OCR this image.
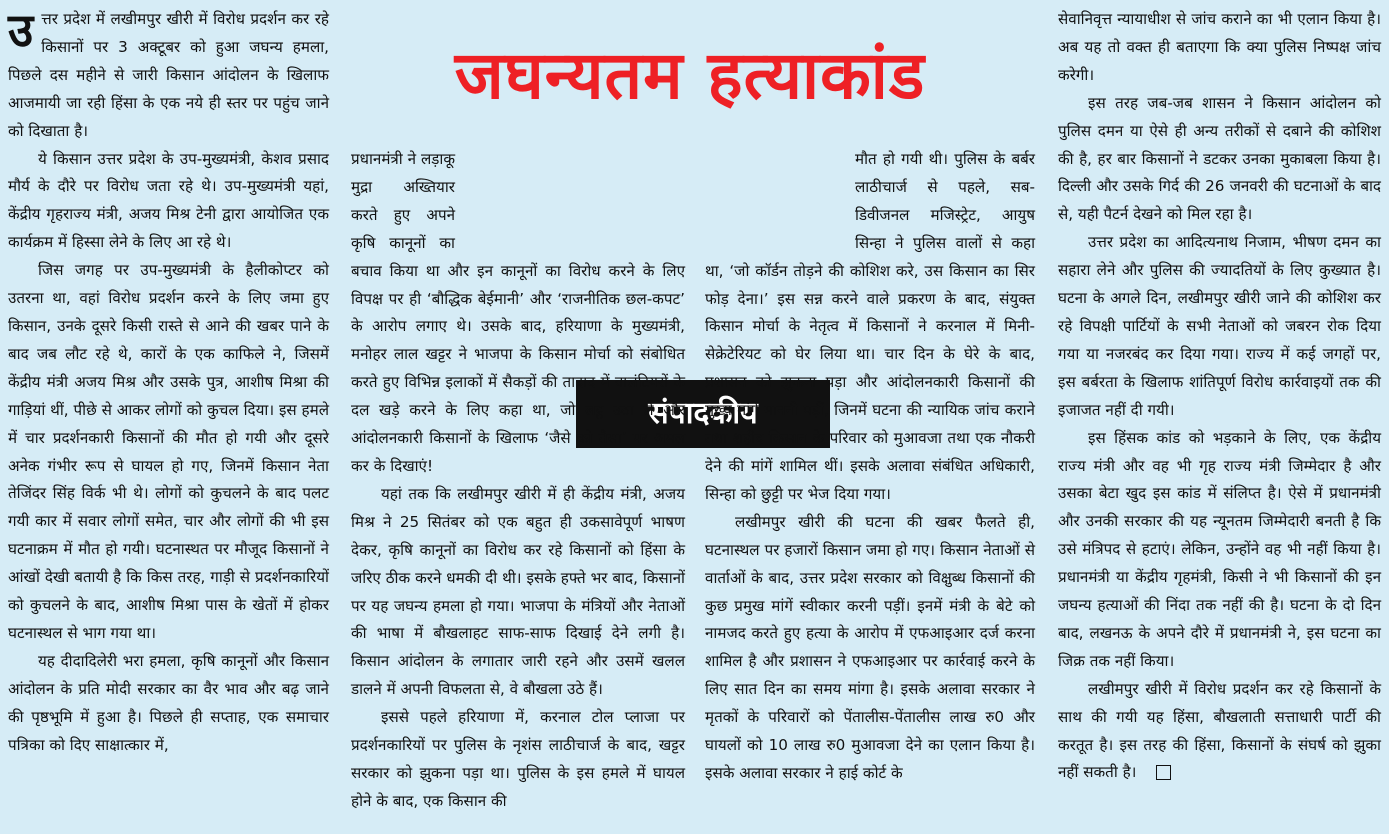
जघन्यतम हत्याकांड
संपादकीय

उत्तर प्रदेश में लखीमपुर खीरी में विरोध प्रदर्शन कर रहे किसानों पर 3 अक्टूबर को हुआ जघन्य हमला, पिछले दस महीने से जारी किसान आंदोलन के खिलाफ आजमायी जा रही हिंसा के एक नये ही स्तर पर पहुंच जाने को दिखाता है।

ये किसान उत्तर प्रदेश के उप-मुख्यमंत्री, केशव प्रसाद मौर्य के दौरे पर विरोध जता रहे थे। उप-मुख्यमंत्री यहां, केंद्रीय गृहराज्य मंत्री, अजय मिश्र टेनी द्वारा आयोजित एक कार्यक्रम में हिस्सा लेने के लिए आ रहे थे।

जिस जगह पर उप-मुख्यमंत्री के हैलीकोप्टर को उतरना था, वहां विरोध प्रदर्शन करने के लिए जमा हुए किसान, उनके दूसरे किसी रास्ते से आने की खबर पाने के बाद जब लौट रहे थे, कारों के एक काफिले ने, जिसमें केंद्रीय मंत्री अजय मिश्र और उसके पुत्र, आशीष मिश्रा की गाड़ियां थीं, पीछे से आकर लोगों को कुचल दिया। इस हमले में चार प्रदर्शनकारी किसानों की मौत हो गयी और दूसरे अनेक गंभीर रूप से घायल हो गए, जिनमें किसान नेता तेजिंदर सिंह विर्क भी थे। लोगों को कुचलने के बाद पलट गयी कार में सवार लोगों समेत, चार और लोगों की भी इस घटनाक्रम में मौत हो गयी। घटनास्थत पर मौजूद किसानों ने आंखों देखी बतायी है कि किस तरह, गाड़ी से प्रदर्शनकारियों को कुचलने के बाद, आशीष मिश्रा पास के खेतों में होकर घटनास्थल से भाग गया था।

यह दीदादिलेरी भरा हमला, कृषि कानूनों और किसान आंदोलन के प्रति मोदी सरकार का वैर भाव और बढ़ जाने की पृष्ठभूमि में हुआ है। पिछले ही सप्ताह, एक समाचार पत्रिका को दिए साक्षात्कार में,

प्रधानमंत्री ने लड़ाकू मुद्रा अख्तियार करते हुए अपने कृषि कानूनों का बचाव किया था और इन कानूनों का विरोध करने के लिए विपक्ष पर ही ‘बौद्धिक बेईमानी’ और ‘राजनीतिक छल-कपट’ के आरोप लगाए थे। उसके बाद, हरियाणा के मुख्यमंत्री, मनोहर लाल खट्टर ने भाजपा के किसान मोर्चा को संबोधित करते हुए विभिन्न इलाकों में सैकड़ों की तादाद में वालंटियरों के दल खड़े करने के लिए कहा था, जो लट्ठ उठा लें और आंदोलनकारी किसानों के खिलाफ ‘जैसे को तैसा’ पर अमल कर के दिखाएं!

यहां तक कि लखीमपुर खीरी में ही केंद्रीय मंत्री, अजय मिश्र ने 25 सितंबर को एक बहुत ही उकसावेपूर्ण भाषण देकर, कृषि कानूनों का विरोध कर रहे किसानों को हिंसा के जरिए ठीक करने धमकी दी थी। इसके हफ्ते भर बाद, किसानों पर यह जघन्य हमला हो गया। भाजपा के मंत्रियों और नेताओं की भाषा में बौखलाहट साफ-साफ दिखाई देने लगी है। किसान आंदोलन के लगातार जारी रहने और उसमें खलल डालने में अपनी विफलता से, वे बौखला उठे हैं।

इससे पहले हरियाणा में, करनाल टोल प्लाजा पर प्रदर्शनकारियों पर पुलिस के नृशंस लाठीचार्ज के बाद, खट्टर सरकार को झुकना पड़ा था। पुलिस के इस हमले में घायल होने के बाद, एक किसान की

मौत हो गयी थी। पुलिस के बर्बर लाठीचार्ज से पहले, सब-डिवीजनल मजिस्ट्रेट, आयुष सिन्हा ने पुलिस वालों से कहा था, ‘जो कॉर्डन तोड़ने की कोशिश करे, उस किसान का सिर फोड़ देना।’ इस सन्न करने वाले प्रकरण के बाद, संयुक्त किसान मोर्चा के नेतृत्व में किसानों ने करनाल में मिनी-सेक्रेटेरियट को घेर लिया था। चार दिन के घेरे के बाद, प्रशासन को झुकना पड़ा और आंदोलनकारी किसानों की मुख्य मांगें माननी पड़ीं, जिनमें घटना की न्यायिक जांच कराने तथा शहीद किसान के परिवार को मुआवजा तथा एक नौकरी देने की मांगें शामिल थीं। इसके अलावा संबंधित अधिकारी, सिन्हा को छुट्टी पर भेज दिया गया।

लखीमपुर खीरी की घटना की खबर फैलते ही, घटनास्थल पर हजारों किसान जमा हो गए। किसान नेताओं से वार्ताओं के बाद, उत्तर प्रदेश सरकार को विक्षुब्ध किसानों की कुछ प्रमुख मांगें स्वीकार करनी पड़ीं। इनमें मंत्री के बेटे को नामजद करते हुए हत्या के आरोप में एफआइआर दर्ज करना शामिल है और प्रशासन ने एफआइआर पर कार्रवाई करने के लिए सात दिन का समय मांगा है। इसके अलावा सरकार ने मृतकों के परिवारों को पेंतालीस-पेंतालीस लाख रु0 और घायलों को 10 लाख रु0 मुआवजा देने का एलान किया है। इसके अलावा सरकार ने हाई कोर्ट के

सेवानिवृत्त न्यायाधीश से जांच कराने का भी एलान किया है। अब यह तो वक्त ही बताएगा कि क्या पुलिस निष्पक्ष जांच करेगी।

इस तरह जब-जब शासन ने किसान आंदोलन को पुलिस दमन या ऐसे ही अन्य तरीकों से दबाने की कोशिश की है, हर बार किसानों ने डटकर उनका मुकाबला किया है। दिल्ली और उसके गिर्द की 26 जनवरी की घटनाओं के बाद से, यही पैटर्न देखने को मिल रहा है।

उत्तर प्रदेश का आदित्यनाथ निजाम, भीषण दमन का सहारा लेने और पुलिस की ज्यादतियों के लिए कुख्यात है। घटना के अगले दिन, लखीमपुर खीरी जाने की कोशिश कर रहे विपक्षी पार्टियों के सभी नेताओं को जबरन रोक दिया गया या नजरबंद कर दिया गया। राज्य में कई जगहों पर, इस बर्बरता के खिलाफ शांतिपूर्ण विरोध कार्रवाइयों तक की इजाजत नहीं दी गयी।

इस हिंसक कांड को भड़काने के लिए, एक केंद्रीय राज्य मंत्री और वह भी गृह राज्य मंत्री जिम्मेदार है और उसका बेटा खुद इस कांड में संलिप्त है। ऐसे में प्रधानमंत्री और उनकी सरकार की यह न्यूनतम जिम्मेदारी बनती है कि उसे मंत्रिपद से हटाएं। लेकिन, उन्होंने वह भी नहीं किया है। प्रधानमंत्री या केंद्रीय गृहमंत्री, किसी ने भी किसानों की इन जघन्य हत्याओं की निंदा तक नहीं की है। घटना के दो दिन बाद, लखनऊ के अपने दौरे में प्रधानमंत्री ने, इस घटना का जिक्र तक नहीं किया।

लखीमपुर खीरी में विरोध प्रदर्शन कर रहे किसानों के साथ की गयी यह हिंसा, बौखलाती सत्ताधारी पार्टी की करतूत है। इस तरह की हिंसा, किसानों के संघर्ष को झुका नहीं सकती है।
